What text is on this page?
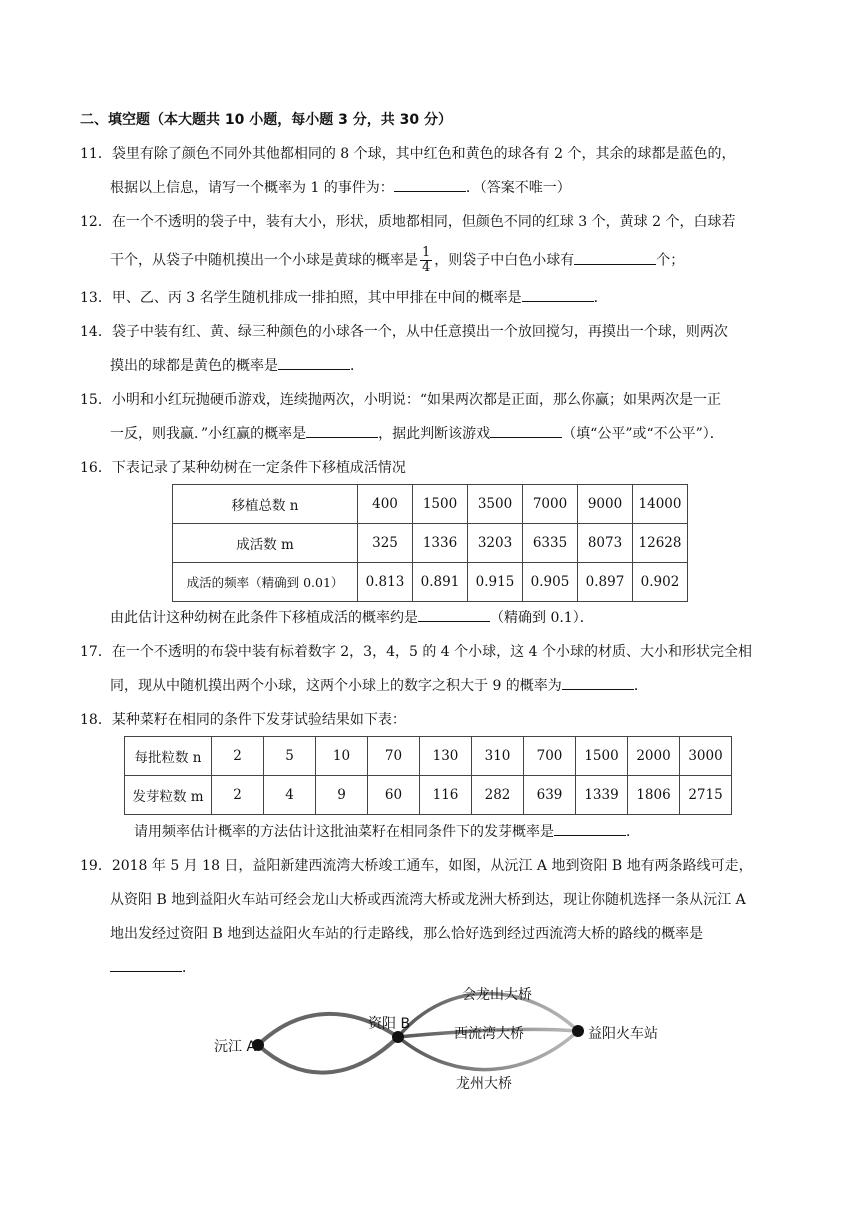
二、填空题（本大题共 10 小题，每小题 3 分，共 30 分）
11．袋里有除了颜色不同外其他都相同的 8 个球，其中红色和黄色的球各有 2 个，其余的球都是蓝色的，
根据以上信息，请写一个概率为 1 的事件为：	．（答案不唯一）
12．在一个不透明的袋子中，装有大小，形状，质地都相同，但颜色不同的红球 3 个，黄球 2 个，白球若
干个，从袋子中随机摸出一个小球是黄球的概率是 $\frac{1}{4}$ ，则袋子中白色小球有	个；
13．甲、乙、丙 3 名学生随机排成一排拍照，其中甲排在中间的概率是	．
14．袋子中装有红、黄、绿三种颜色的小球各一个，从中任意摸出一个放回搅匀，再摸出一个球，则两次
摸出的球都是黄色的概率是	．
15．小明和小红玩抛硬币游戏，连续抛两次，小明说：“如果两次都是正面，那么你赢；如果两次是一正
一反，则我赢．”小红赢的概率是	，据此判断该游戏	（填“公平”或“不公平”）．
16．下表记录了某种幼树在一定条件下移植成活情况
移植总数 n	400	1500	3500	7000	9000	14000
成活数 m	325	1336	3203	6335	8073	12628
成活的频率（精确到 0.01）	0.813	0.891	0.915	0.905	0.897	0.902
由此估计这种幼树在此条件下移植成活的概率约是	（精确到 0.1）．
17．在一个不透明的布袋中装有标着数字 2，3，4，5 的 4 个小球，这 4 个小球的材质、大小和形状完全相
同，现从中随机摸出两个小球，这两个小球上的数字之积大于 9 的概率为	．
18．某种菜籽在相同的条件下发芽试验结果如下表：
每批粒数 n	2	5	10	70	130	310	700	1500	2000	3000
发芽粒数 m	2	4	9	60	116	282	639	1339	1806	2715
请用频率估计概率的方法估计这批油菜籽在相同条件下的发芽概率是	．
19．2018 年 5 月 18 日，益阳新建西流湾大桥竣工通车，如图，从沅江 A 地到资阳 B 地有两条路线可走，
从资阳 B 地到益阳火车站可经会龙山大桥或西流湾大桥或龙洲大桥到达，现让你随机选择一条从沅江 A
地出发经过资阳 B 地到达益阳火车站的行走路线，那么恰好选到经过西流湾大桥的路线的概率是
．
沅江 A
资阳 B
益阳火车站
会龙山大桥
西流湾大桥
龙州大桥
